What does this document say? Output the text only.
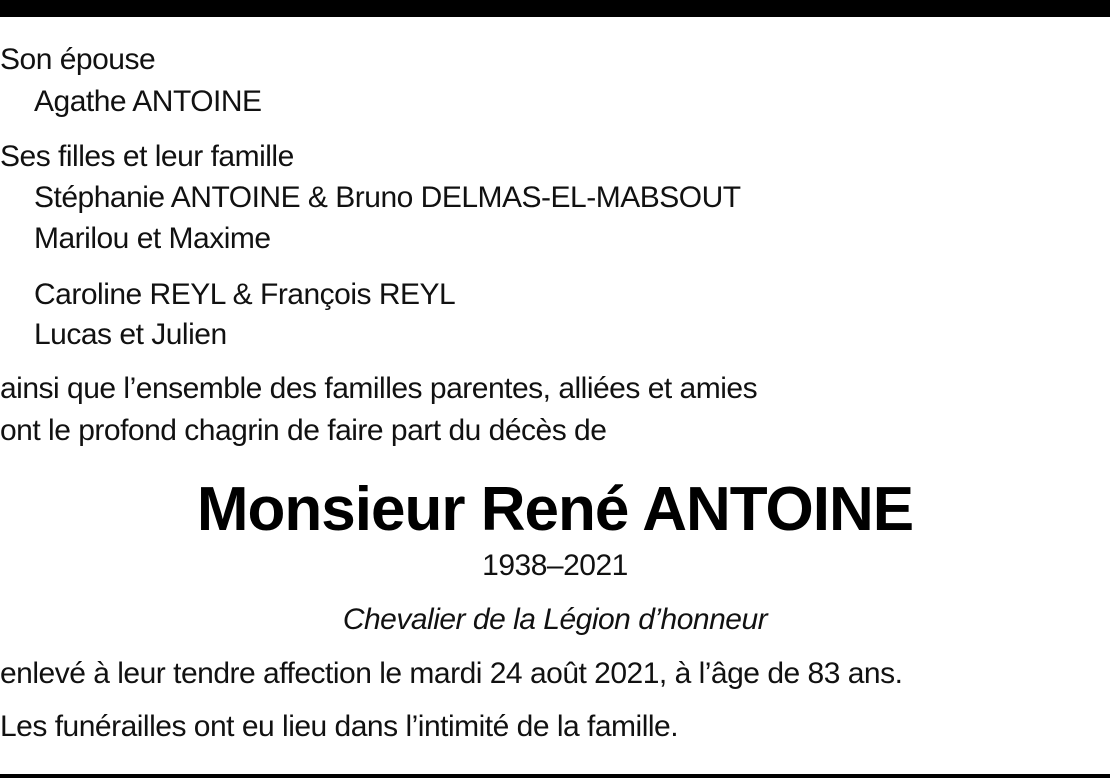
Son épouse
Agathe ANTOINE
Ses filles et leur famille
Stéphanie ANTOINE & Bruno DELMAS-EL-MABSOUT
Marilou et Maxime
Caroline REYL & François REYL
Lucas et Julien
ainsi que l’ensemble des familles parentes, alliées et amies
ont le profond chagrin de faire part du décès de
Monsieur René ANTOINE
1938–2021
Chevalier de la Légion d’honneur
enlevé à leur tendre affection le mardi 24 août 2021, à l’âge de 83 ans.
Les funérailles ont eu lieu dans l’intimité de la famille.
